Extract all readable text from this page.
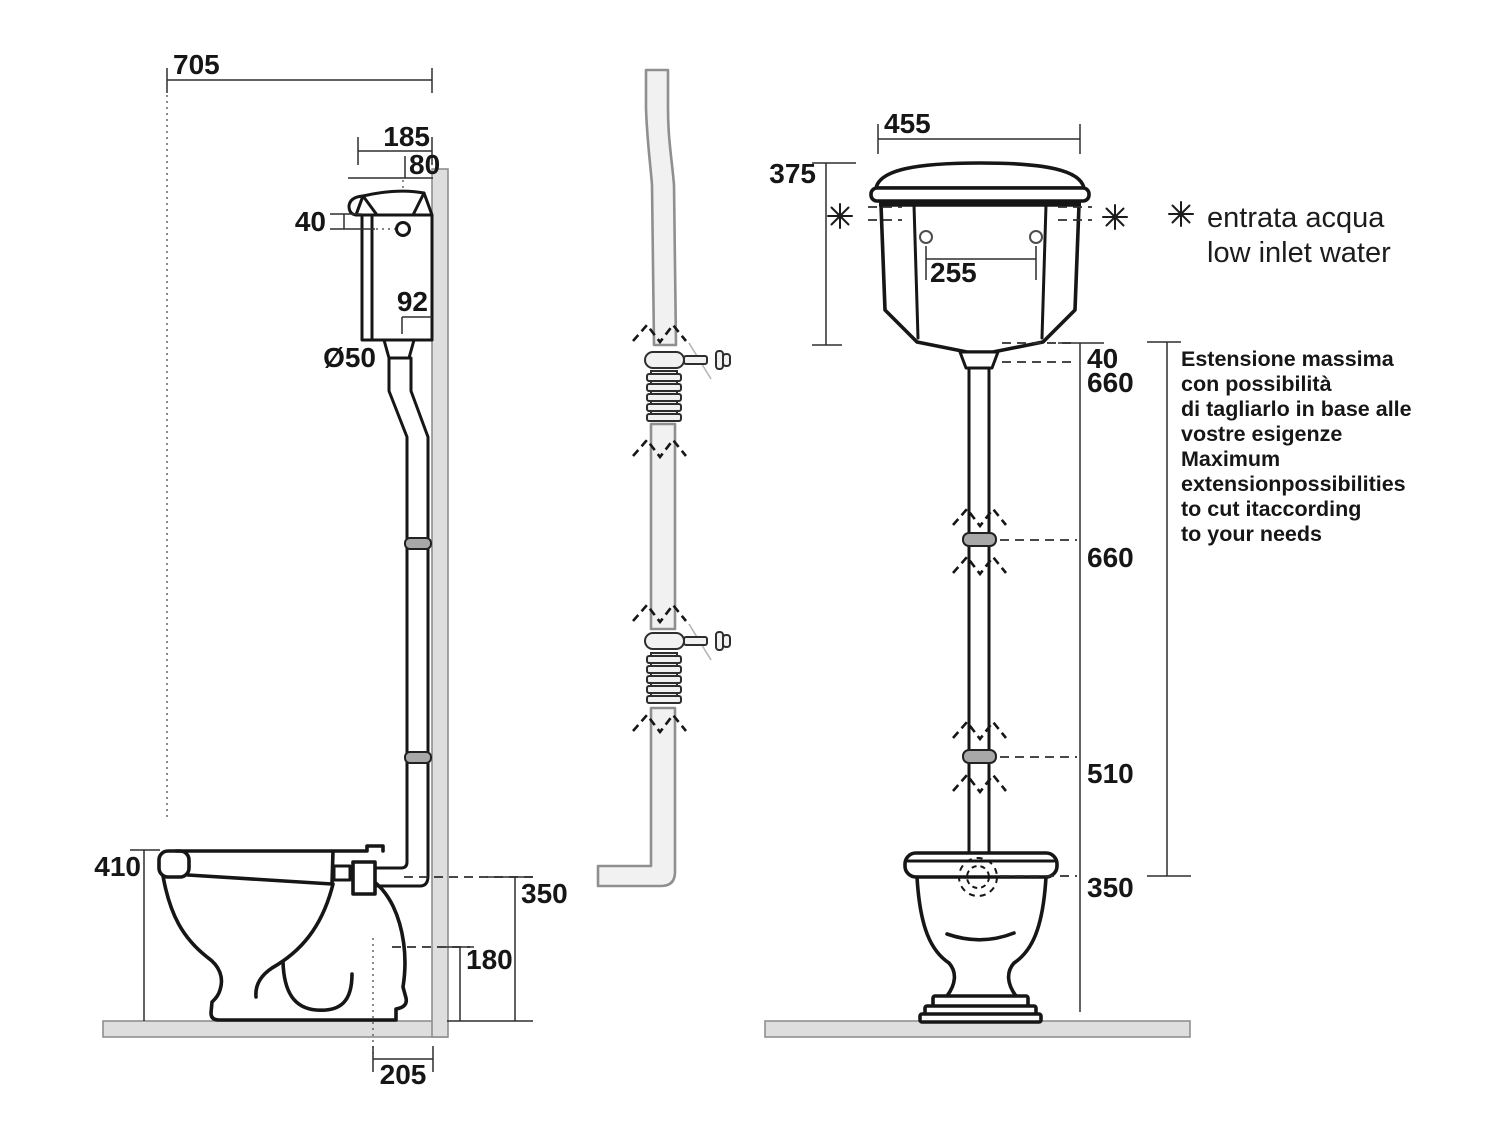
705
185
80
40
92
Ø50
410
350
180
205
455
375
255
40
660
660
510
350
Estensione massima
con possibilità
di tagliarlo in base alle
vostre esigenze
Maximum
extensionpossibilities
to cut itaccording
to your needs
entrata acqua
low inlet water
